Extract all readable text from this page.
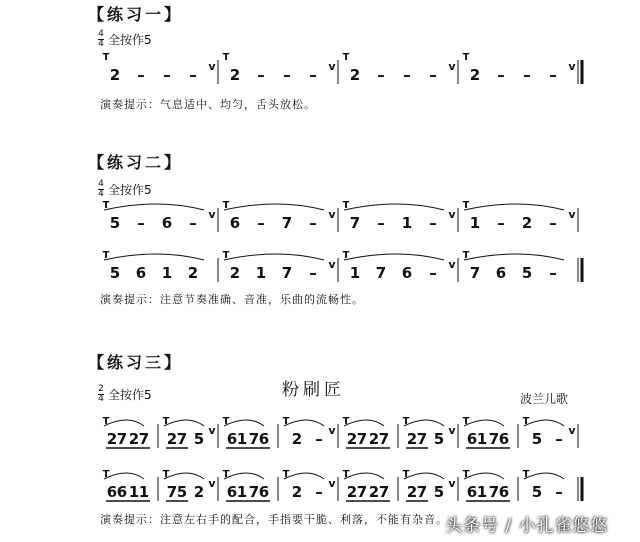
【练习一】
$\frac{4}{4}$ 全按作5
演奏提示：气息适中、均匀，舌头放松。
【练习二】
$\frac{4}{4}$ 全按作5
演奏提示：注意节奏准确、音准，乐曲的流畅性。
【练习三】
$\frac{2}{4}$ 全按作5	粉刷匠	波兰儿歌
演奏提示：注意左右手的配合，手指要干脆、利落，不能有杂音。
头条号 / 小孔雀悠悠
T
2 – – – v
T
2 – – – v
T
2 – – – v
T
2 – – – v
T
5 – 6 – v
T
6 – 7 – v
T
7 – 1 – v
T
1 – 2 – v
T
5 6 1 2
T
2 1 7 – v
T
1 7 6 – v
T
7 6 5 –
T
2 7 2 7
T
2 7 5 v
T
6 1 7 6
T
2 – v
T
2 7 2 7
T
2 7 5 v
T
6 1 7 6
T
5 – v
T
6 6 1 1
T
7 5 2 v
T
6 1 7 6
T
2 – v
T
2 7 2 7
T
2 7 5 v
T
6 1 7 6
T
5 –
